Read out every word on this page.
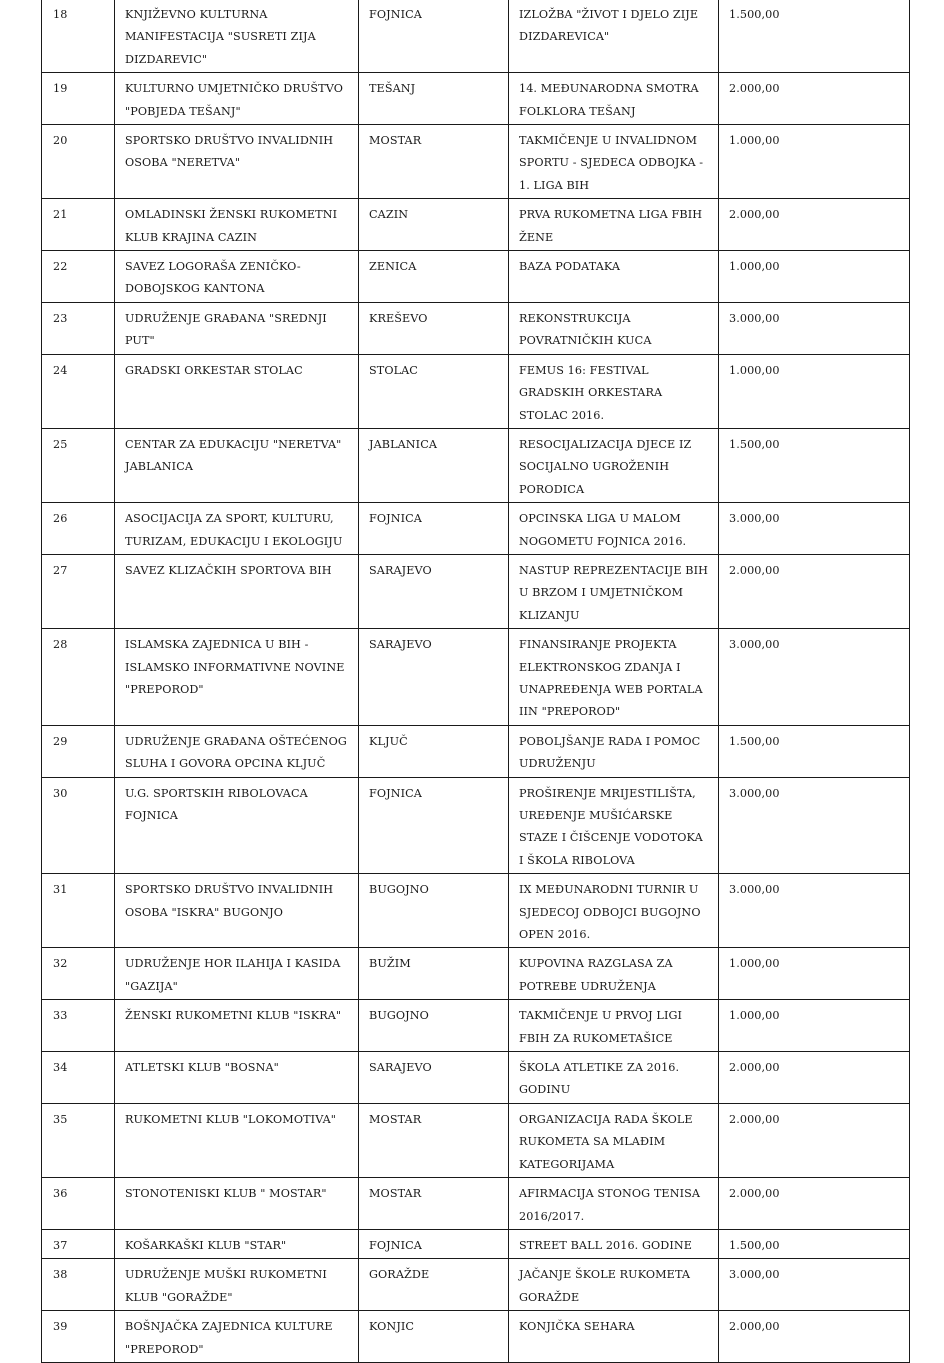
18	KNJIŽEVNO KULTURNA MANIFESTACIJA "SUSRETI ZIJA DIZDAREVIC"	FOJNICA	IZLOŽBA "ŽIVOT I DJELO ZIJE DIZDAREVICA"	1.500,00
19	KULTURNO UMJETNIČKO DRUŠTVO "POBJEDA TEŠANJ"	TEŠANJ	14. MEĐUNARODNA SMOTRA FOLKLORA TEŠANJ	2.000,00
20	SPORTSKO DRUŠTVO INVALIDNIH OSOBA "NERETVA"	MOSTAR	TAKMIČENJE U INVALIDNOM SPORTU - SJEDECA ODBOJKA - 1. LIGA BIH	1.000,00
21	OMLADINSKI ŽENSKI RUKOMETNI KLUB KRAJINA CAZIN	CAZIN	PRVA RUKOMETNA LIGA FBIH ŽENE	2.000,00
22	SAVEZ LOGORAŠA ZENIČKO-DOBOJSKOG KANTONA	ZENICA	BAZA PODATAKA	1.000,00
23	UDRUŽENJE GRAĐANA "SREDNJI PUT"	KREŠEVO	REKONSTRUKCIJA POVRATNIČKIH KUCA	3.000,00
24	GRADSKI ORKESTAR STOLAC	STOLAC	FEMUS 16: FESTIVAL GRADSKIH ORKESTARA STOLAC 2016.	1.000,00
25	CENTAR ZA EDUKACIJU "NERETVA" JABLANICA	JABLANICA	RESOCIJALIZACIJA DJECE IZ SOCIJALNO UGROŽENIH PORODICA	1.500,00
26	ASOCIJACIJA ZA SPORT, KULTURU, TURIZAM, EDUKACIJU I EKOLOGIJU	FOJNICA	OPCINSKA LIGA U MALOM NOGOMETU FOJNICA 2016.	3.000,00
27	SAVEZ KLIZAČKIH SPORTOVA BIH	SARAJEVO	NASTUP REPREZENTACIJE BIH U BRZOM I UMJETNIČKOM KLIZANJU	2.000,00
28	ISLAMSKA ZAJEDNICA U BIH - ISLAMSKO INFORMATIVNE NOVINE "PREPOROD"	SARAJEVO	FINANSIRANJE PROJEKTA ELEKTRONSKOG ZDANJA I UNAPREĐENJA WEB PORTALA IIN "PREPOROD"	3.000,00
29	UDRUŽENJE GRAĐANA OŠTEĆENOG SLUHA I GOVORA OPCINA KLJUČ	KLJUČ	POBOLJŠANJE RADA I POMOC UDRUŽENJU	1.500,00
30	U.G. SPORTSKIH RIBOLOVACA FOJNICA	FOJNICA	PROŠIRENJE MRIJESTILIŠTA, UREĐENJE MUŠIĆARSKE STAZE I ČIŠCENJE VODOTOKA I ŠKOLA RIBOLOVA	3.000,00
31	SPORTSKO DRUŠTVO INVALIDNIH OSOBA "ISKRA" BUGONJO	BUGOJNO	IX MEĐUNARODNI TURNIR U SJEDECOJ ODBOJCI BUGOJNO OPEN 2016.	3.000,00
32	UDRUŽENJE HOR ILAHIJA I KASIDA "GAZIJA"	BUŽIM	KUPOVINA RAZGLASA ZA POTREBE UDRUŽENJA	1.000,00
33	ŽENSKI RUKOMETNI KLUB "ISKRA"	BUGOJNO	TAKMIČENJE U PRVOJ LIGI FBIH ZA RUKOMETAŠICE	1.000,00
34	ATLETSKI KLUB "BOSNA"	SARAJEVO	ŠKOLA ATLETIKE ZA 2016. GODINU	2.000,00
35	RUKOMETNI KLUB "LOKOMOTIVA"	MOSTAR	ORGANIZACIJA RADA ŠKOLE RUKOMETA SA MLAĐIM KATEGORIJAMA	2.000,00
36	STONOTENISKI KLUB " MOSTAR"	MOSTAR	AFIRMACIJA STONOG TENISA 2016/2017.	2.000,00
37	KOŠARKAŠKI KLUB "STAR"	FOJNICA	STREET BALL 2016. GODINE	1.500,00
38	UDRUŽENJE MUŠKI RUKOMETNI KLUB "GORAŽDE"	GORAŽDE	JAČANJE ŠKOLE RUKOMETA GORAŽDE	3.000,00
39	BOŠNJAČKA ZAJEDNICA KULTURE "PREPOROD"	KONJIC	KONJIČKA SEHARA	2.000,00
